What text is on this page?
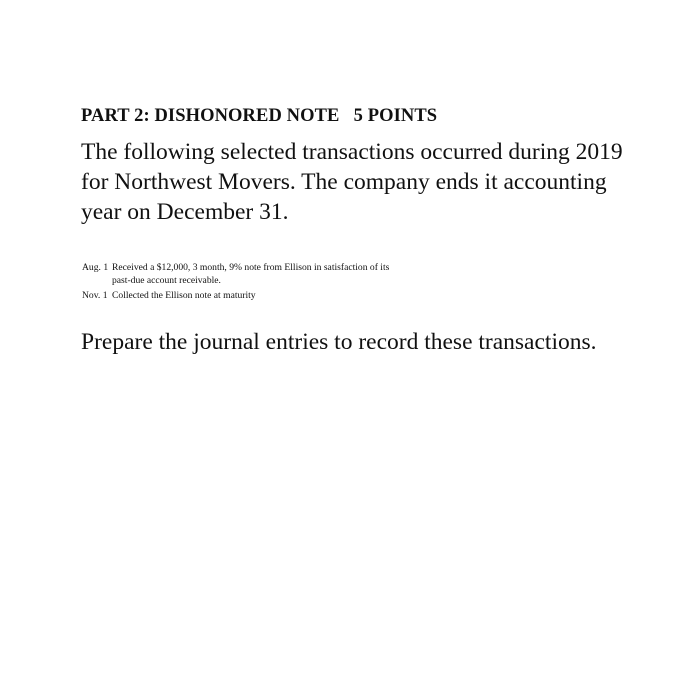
PART 2: DISHONORED NOTE   5 POINTS
The following selected transactions occurred during 2019 for Northwest Movers. The company ends it accounting year on December 31.
Aug. 1 Received a $12,000, 3 month, 9% note from Ellison in satisfaction of its past-due account receivable.
Nov. 1 Collected the Ellison note at maturity
Prepare the journal entries to record these transactions.
